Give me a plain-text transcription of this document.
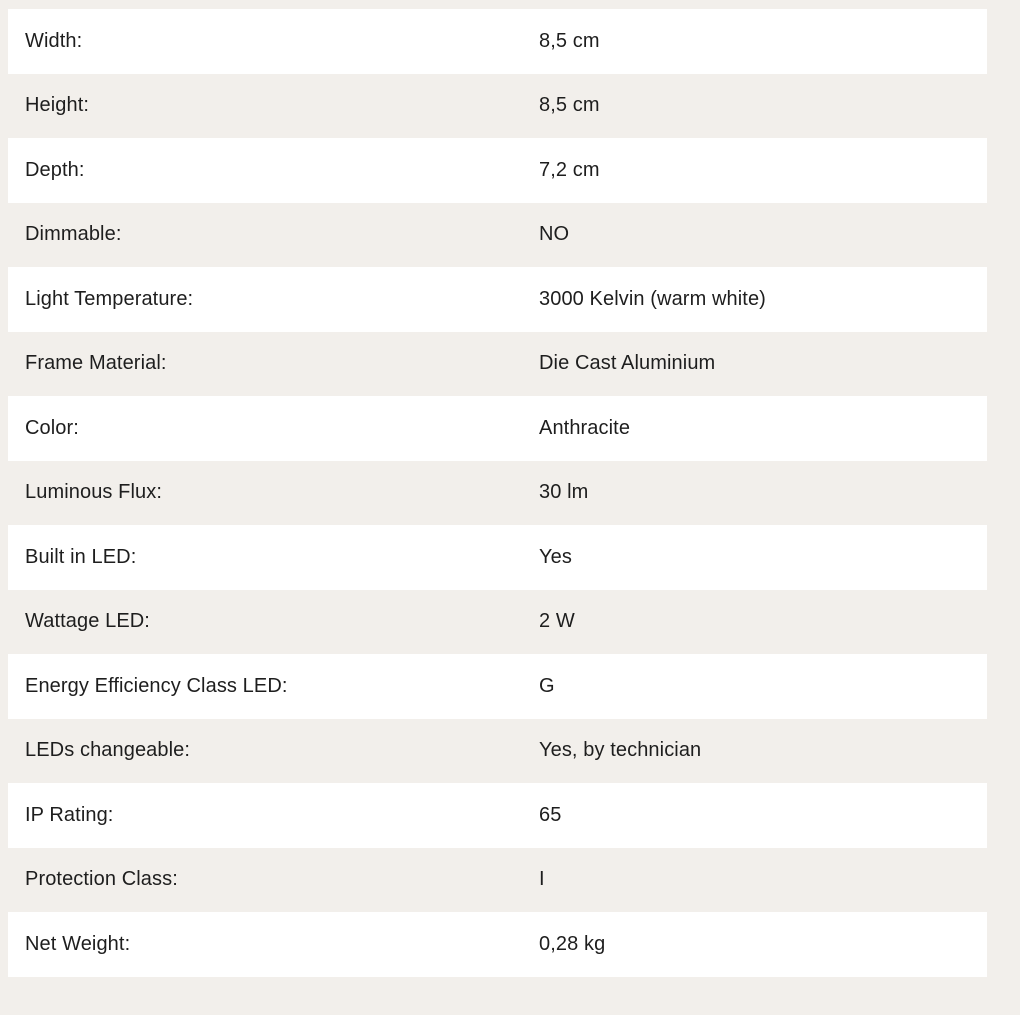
Width:	8,5 cm
Height:	8,5 cm
Depth:	7,2 cm
Dimmable:	NO
Light Temperature:	3000 Kelvin (warm white)
Frame Material:	Die Cast Aluminium
Color:	Anthracite
Luminous Flux:	30 lm
Built in LED:	Yes
Wattage LED:	2 W
Energy Efficiency Class LED:	G
LEDs changeable:	Yes, by technician
IP Rating:	65
Protection Class:	I
Net Weight:	0,28 kg
